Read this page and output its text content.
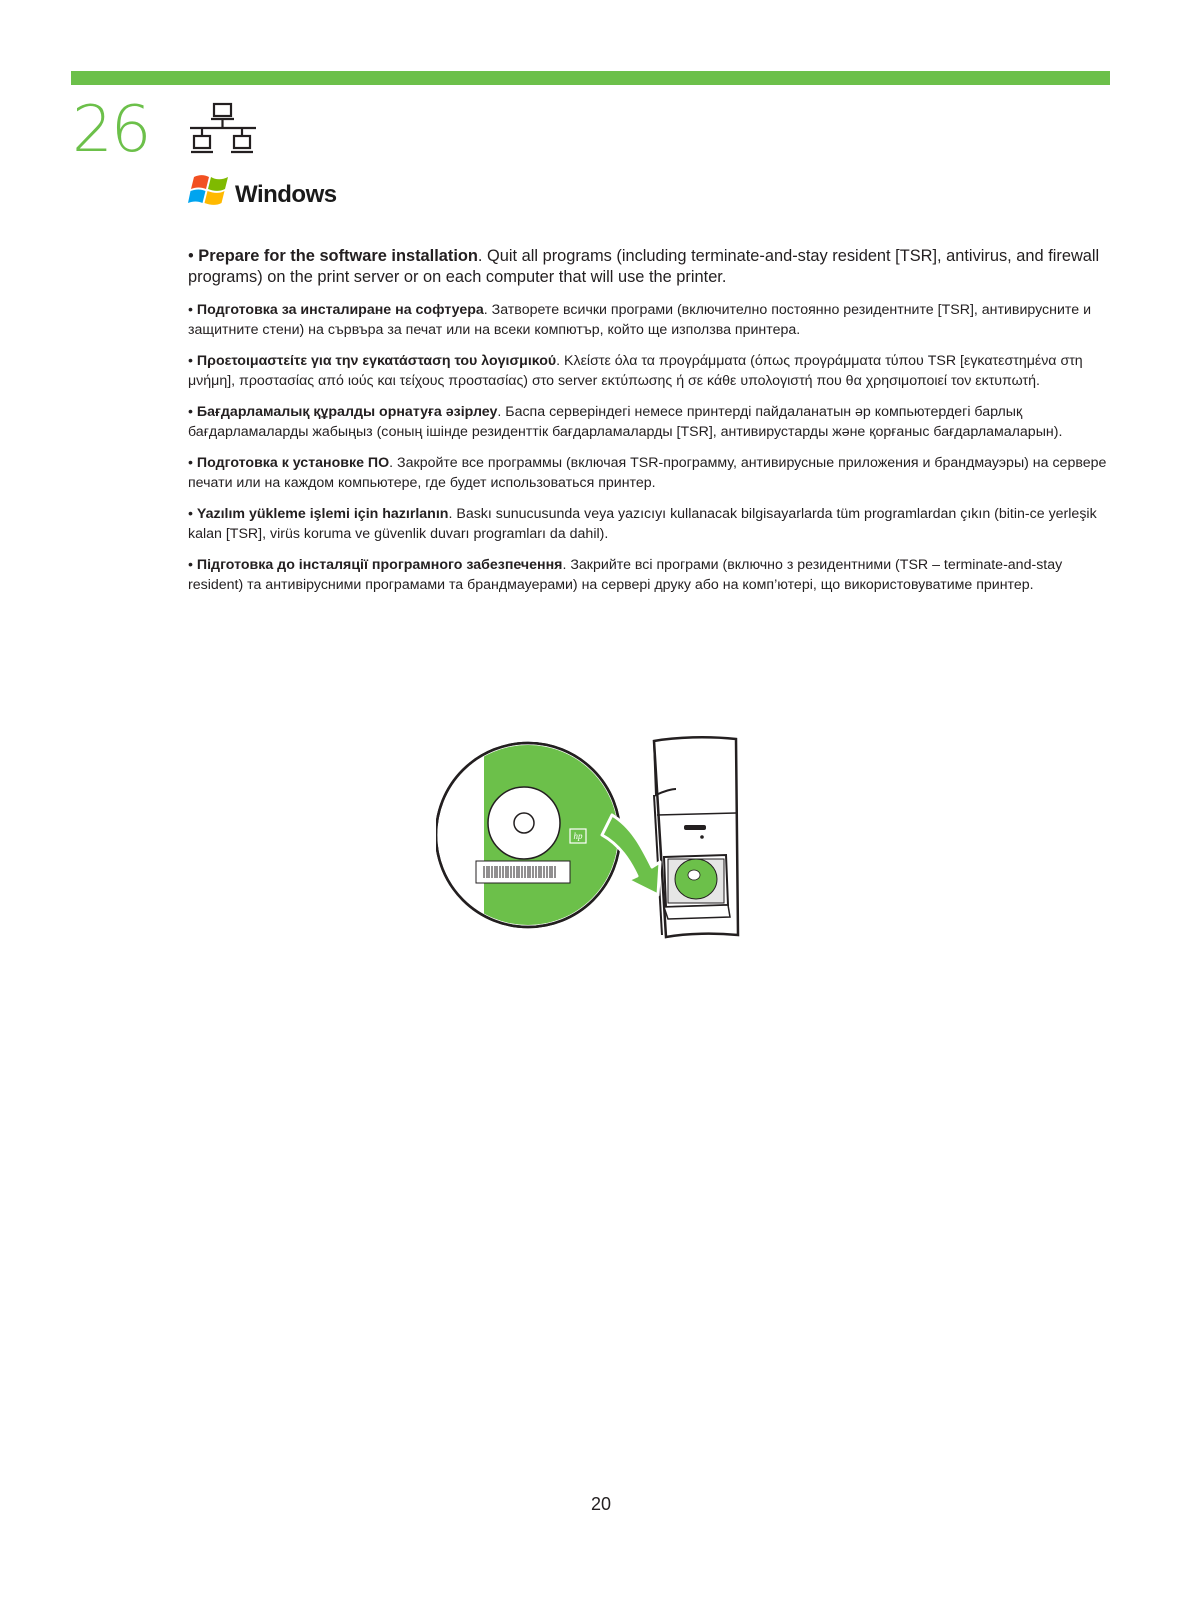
26
Windows

• Prepare for the software installation. Quit all programs (including terminate-and-stay resident [TSR], antivirus, and firewall programs) on the print server or on each computer that will use the printer.

• Подготовка за инсталиране на софтуера. Затворете всички програми (включително постоянно резидентните [TSR], антивирусните и защитните стени) на сървъра за печат или на всеки компютър, който ще използва принтера.

• Προετοιμαστείτε για την εγκατάσταση του λογισμικού. Κλείστε όλα τα προγράμματα (όπως προγράμματα τύπου TSR [εγκατεστημένα στη μνήμη], προστασίας από ιούς και τείχους προστασίας) στο server εκτύπωσης ή σε κάθε υπολογιστή που θα χρησιμοποιεί τον εκτυπωτή.

• Бағдарламалық құралды орнатуға әзірлеу. Баспа серверіндегі немесе принтерді пайдаланатын әр компьютердегі барлық бағдарламаларды жабыңыз (соның ішінде резиденттік бағдарламаларды [TSR], антивирустарды және қорғаныс бағдарламаларын).

• Подготовка к установке ПО. Закройте все программы (включая TSR-программу, антивирусные приложения и брандмауэры) на сервере печати или на каждом компьютере, где будет использоваться принтер.

• Yazılım yükleme işlemi için hazırlanın. Baskı sunucusunda veya yazıcıyı kullanacak bilgisayarlarda tüm programlardan çıkın (bitin-ce yerleşik kalan [TSR], virüs koruma ve güvenlik duvarı programları da dahil).

• Підготовка до інсталяції програмного забезпечення. Закрийте всі програми (включно з резидентними (TSR – terminate-and-stay resident) та антивірусними програмами та брандмауерами) на сервері друку або на комп’ютері, що використовуватиме принтер.

hp
20
